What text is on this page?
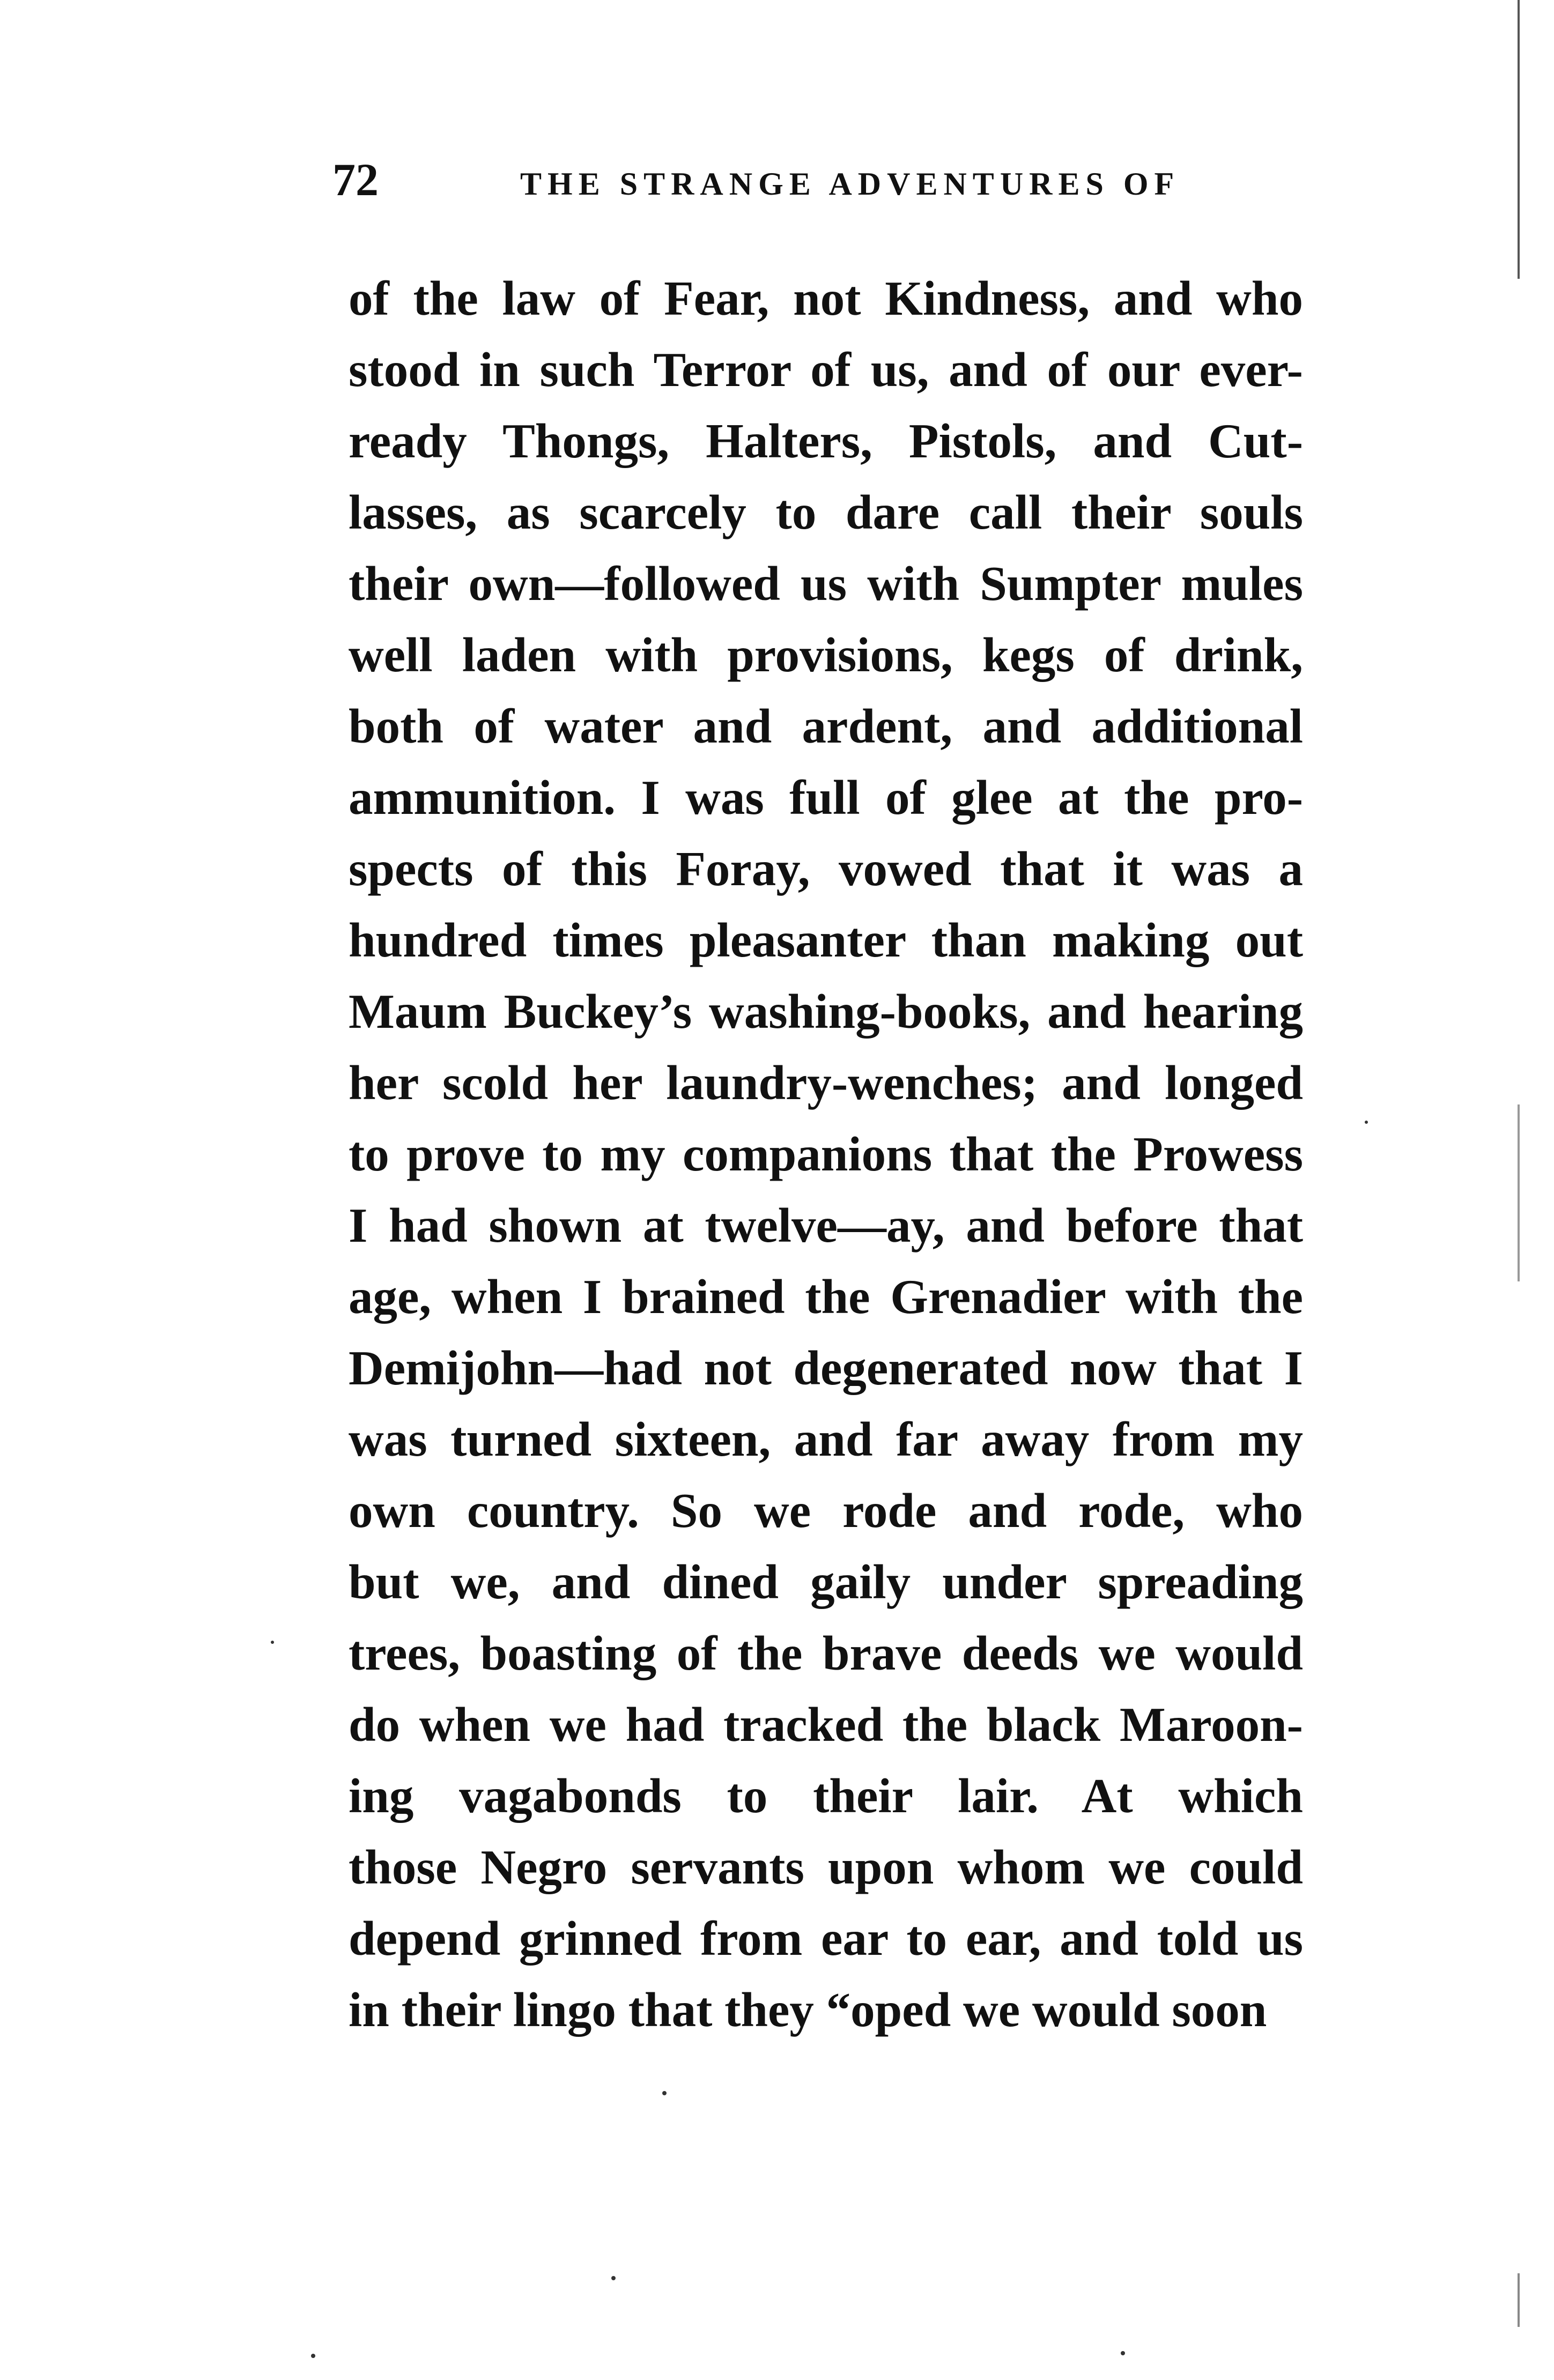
72	THE STRANGE ADVENTURES OF
of the law of Fear, not Kindness, and who
stood in such Terror of us, and of our ever-
ready Thongs, Halters, Pistols, and Cut-
lasses, as scarcely to dare call their souls
their own—followed us with Sumpter mules
well laden with provisions, kegs of drink,
both of water and ardent, and additional
ammunition. I was full of glee at the pro-
spects of this Foray, vowed that it was a
hundred times pleasanter than making out
Maum Buckey’s washing-books, and hearing
her scold her laundry-wenches; and longed
to prove to my companions that the Prowess
I had shown at twelve—ay, and before that
age, when I brained the Grenadier with the
Demijohn—had not degenerated now that I
was turned sixteen, and far away from my
own country. So we rode and rode, who
but we, and dined gaily under spreading
trees, boasting of the brave deeds we would
do when we had tracked the black Maroon-
ing vagabonds to their lair. At which
those Negro servants upon whom we could
depend grinned from ear to ear, and told us
in their lingo that they “oped we would soon
